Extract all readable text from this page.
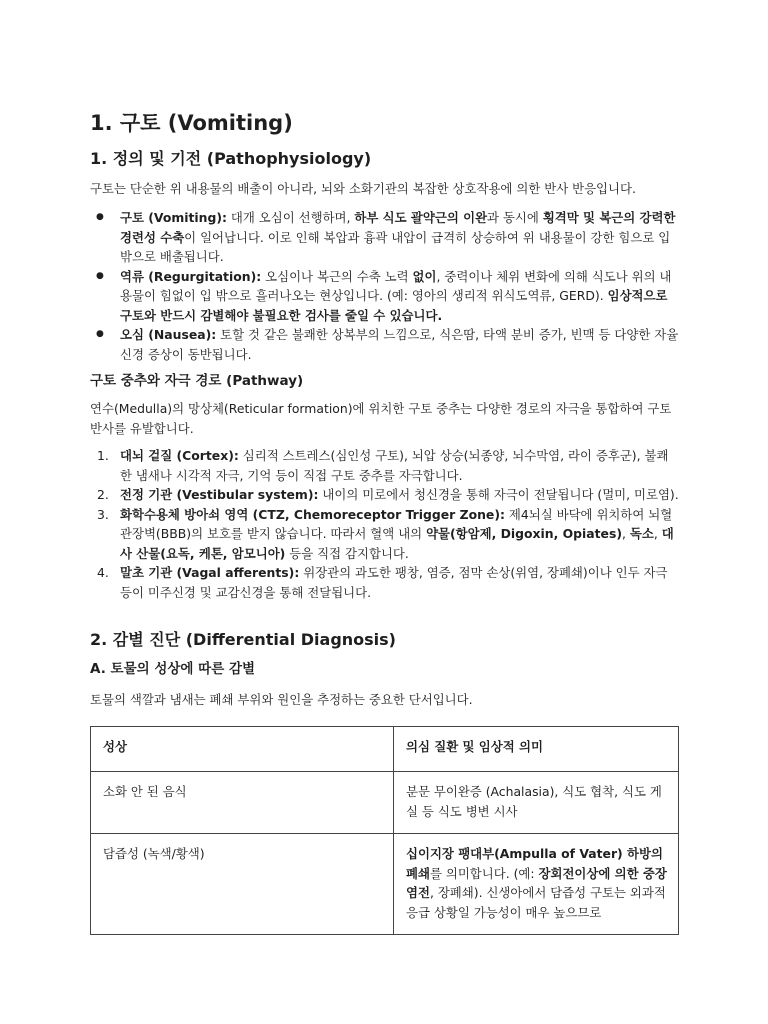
1. 구토 (Vomiting)
1. 정의 및 기전 (Pathophysiology)

구토는 단순한 위 내용물의 배출이 아니라, 뇌와 소화기관의 복잡한 상호작용에 의한 반사 반응입니다.

● 구토 (Vomiting): 대개 오심이 선행하며, 하부 식도 괄약근의 이완과 동시에 횡격막 및 복근의 강력한 경련성 수축이 일어납니다. 이로 인해 복압과 흉곽 내압이 급격히 상승하여 위 내용물이 강한 힘으로 입 밖으로 배출됩니다.
● 역류 (Regurgitation): 오심이나 복근의 수축 노력 없이, 중력이나 체위 변화에 의해 식도나 위의 내용물이 힘없이 입 밖으로 흘러나오는 현상입니다. (예: 영아의 생리적 위식도역류, GERD). 임상적으로 구토와 반드시 감별해야 불필요한 검사를 줄일 수 있습니다.
● 오심 (Nausea): 토할 것 같은 불쾌한 상복부의 느낌으로, 식은땀, 타액 분비 증가, 빈맥 등 다양한 자율신경 증상이 동반됩니다.
구토 중추와 자극 경로 (Pathway)

연수(Medulla)의 망상체(Reticular formation)에 위치한 구토 중추는 다양한 경로의 자극을 통합하여 구토 반사를 유발합니다.

1. 대뇌 겉질 (Cortex): 심리적 스트레스(심인성 구토), 뇌압 상승(뇌종양, 뇌수막염, 라이 증후군), 불쾌한 냄새나 시각적 자극, 기억 등이 직접 구토 중추를 자극합니다.
2. 전정 기관 (Vestibular system): 내이의 미로에서 청신경을 통해 자극이 전달됩니다 (멀미, 미로염).
3. 화학수용체 방아쇠 영역 (CTZ, Chemoreceptor Trigger Zone): 제4뇌실 바닥에 위치하여 뇌혈관장벽(BBB)의 보호를 받지 않습니다. 따라서 혈액 내의 약물(항암제, Digoxin, Opiates), 독소, 대사 산물(요독, 케톤, 암모니아) 등을 직접 감지합니다.
4. 말초 기관 (Vagal afferents): 위장관의 과도한 팽창, 염증, 점막 손상(위염, 장폐쇄)이나 인두 자극 등이 미주신경 및 교감신경을 통해 전달됩니다.
2. 감별 진단 (Differential Diagnosis)
A. 토물의 성상에 따른 감별

토물의 색깔과 냄새는 폐쇄 부위와 원인을 추정하는 중요한 단서입니다.

성상	의심 질환 및 임상적 의미
소화 안 된 음식	분문 무이완증 (Achalasia), 식도 협착, 식도 게실 등 식도 병변 시사
담즙성 (녹색/황색)	십이지장 팽대부(Ampulla of Vater) 하방의 폐쇄를 의미합니다. (예: 장회전이상에 의한 중장염전, 장폐쇄). 신생아에서 담즙성 구토는 외과적 응급 상황일 가능성이 매우 높으므로
